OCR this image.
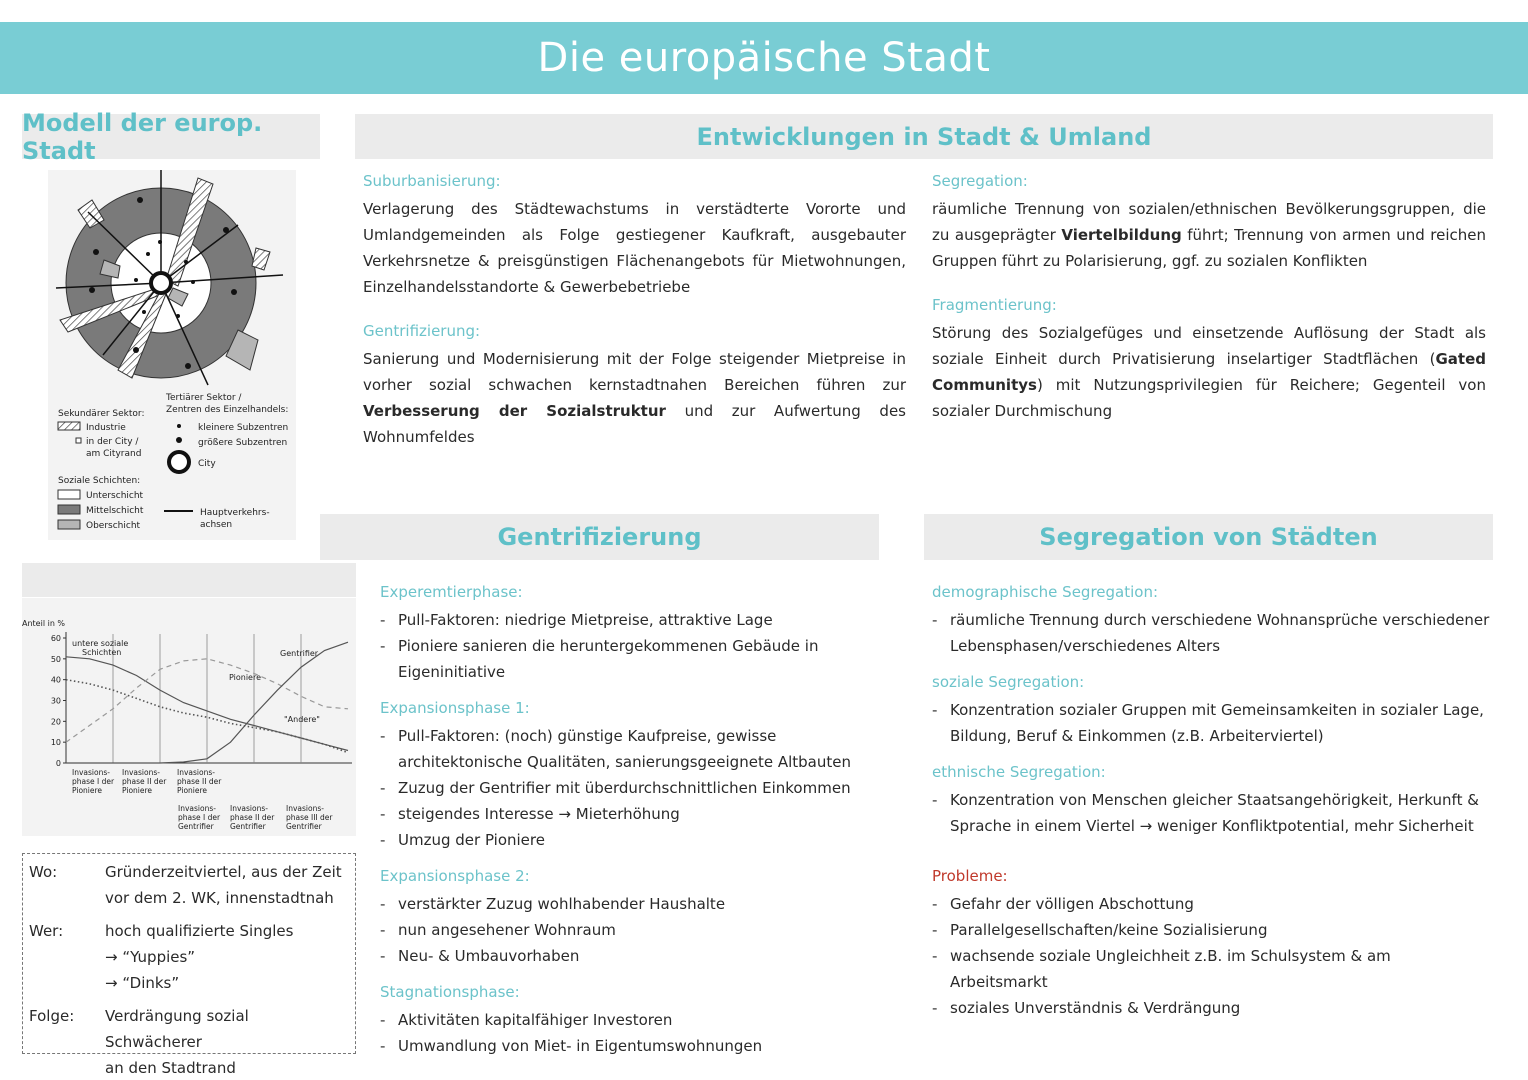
Die europäische Stadt
Modell der europ. Stadt	Entwicklungen in Stadt & Umland
Gentrifizierung	Segregation von Städten
Sekundärer Sektor:
Industrie
in der City /
am Cityrand
Tertiärer Sektor /
Zentren des Einzelhandels:
kleinere Subzentren
größere Subzentren
City
Soziale Schichten:
Unterschicht
Mittelschicht
Oberschicht
Hauptverkehrs-
achsen
Anteil in %
0
10
20
30
40
50
60
untere soziale Schichten
Pioniere
"Andere"
Gentrifier
Invasions-phase I der Pioniere
Invasions-phase II der Pioniere
Invasions-phase II der Pioniere
Invasions-phase I der Gentrifier
Invasions-phase II der Gentrifier
Invasions-phase III der Gentrifier
Wo:	Gründerzeitviertel, aus der Zeit
vor dem 2. WK, innenstadtnah
Wer:	hoch qualifizierte Singles
→ “Yuppies”
→ “Dinks”
Folge:	Verdrängung sozial Schwächerer
an den Stadtrand
Suburbanisierung:
Verlagerung des Städtewachstums in verstädterte Vororte und Umlandgemeinden als Folge gestiegener Kaufkraft, ausgebauter Verkehrsnetze & preisgünstigen Flächenangebots für Mietwohnungen, Einzelhandelsstandorte & Gewerbebetriebe
Gentrifizierung:
Sanierung und Modernisierung mit der Folge steigender Mietpreise in vorher sozial schwachen kernstadtnahen Bereichen führen zur Verbesserung der Sozialstruktur und zur Aufwertung des Wohnumfeldes
Segregation:
räumliche Trennung von sozialen/ethnischen Bevölkerungsgruppen, die zu ausgeprägter Viertelbildung führt; Trennung von armen und reichen Gruppen führt zu Polarisierung, ggf. zu sozialen Konflikten
Fragmentierung:
Störung des Sozialgefüges und einsetzende Auflösung der Stadt als soziale Einheit durch Privatisierung inselartiger Stadtflächen (Gated Communitys) mit Nutzungsprivilegien für Reichere; Gegenteil von sozialer Durchmischung
Experemtierphase:
- Pull-Faktoren: niedrige Mietpreise, attraktive Lage
- Pioniere sanieren die heruntergekommenen Gebäude in Eigeninitiative
Expansionsphase 1:
- Pull-Faktoren: (noch) günstige Kaufpreise, gewisse architektonische Qualitäten, sanierungsgeeignete Altbauten
- Zuzug der Gentrifier mit überdurchschnittlichen Einkommen
- steigendes Interesse → Mieterhöhung
- Umzug der Pioniere
Expansionsphase 2:
- verstärkter Zuzug wohlhabender Haushalte
- nun angesehener Wohnraum
- Neu- & Umbauvorhaben
Stagnationsphase:
- Aktivitäten kapitalfähiger Investoren
- Umwandlung von Miet- in Eigentumswohnungen
demographische Segregation:
- räumliche Trennung durch verschiedene Wohnansprüche verschiedener Lebensphasen/verschiedenes Alters
soziale Segregation:
- Konzentration sozialer Gruppen mit Gemeinsamkeiten in sozialer Lage, Bildung, Beruf & Einkommen (z.B. Arbeiterviertel)
ethnische Segregation:
- Konzentration von Menschen gleicher Staatsangehörigkeit, Herkunft & Sprache in einem Viertel → weniger Konfliktpotential, mehr Sicherheit
Probleme:
- Gefahr der völligen Abschottung
- Parallelgesellschaften/keine Sozialisierung
- wachsende soziale Ungleichheit z.B. im Schulsystem & am Arbeitsmarkt
- soziales Unverständnis & Verdrängung
